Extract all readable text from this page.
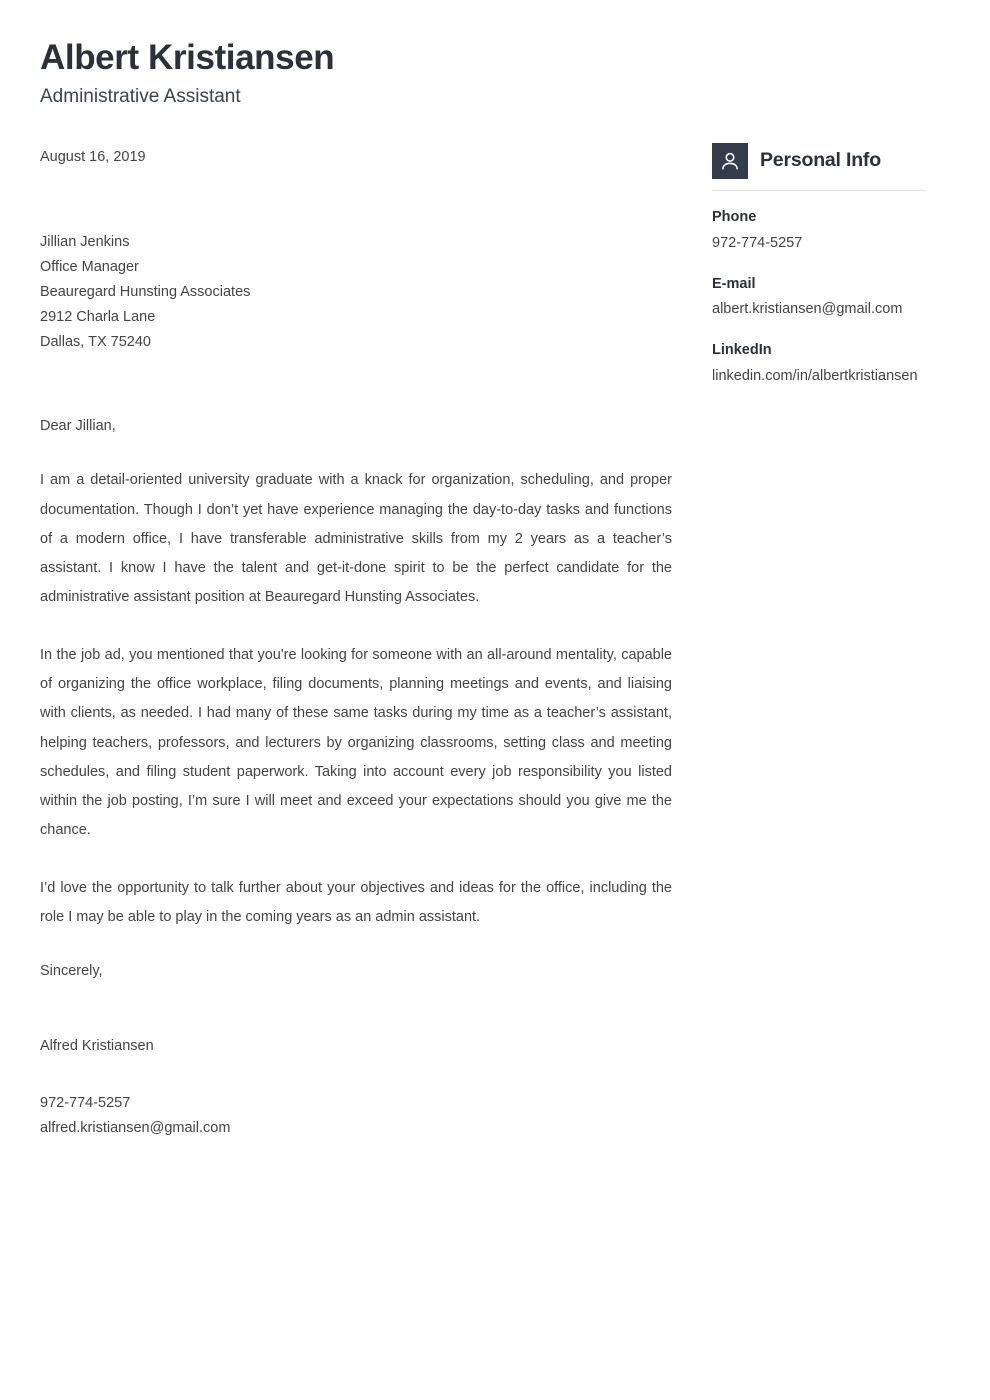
Albert Kristiansen
Administrative Assistant
August 16, 2019
Jillian Jenkins
Office Manager
Beauregard Hunsting Associates
2912 Charla Lane
Dallas, TX 75240
Dear Jillian,

I am a detail-oriented university graduate with a knack for organization, scheduling, and proper documentation. Though I don’t yet have experience managing the day-to-day tasks and functions of a modern office, I have transferable administrative skills from my 2 years as a teacher’s assistant. I know I have the talent and get-it-done spirit to be the perfect candidate for the administrative assistant position at Beauregard Hunsting Associates.

In the job ad, you mentioned that you're looking for someone with an all-around mentality, capable of organizing the office workplace, filing documents, planning meetings and events, and liaising with clients, as needed. I had many of these same tasks during my time as a teacher’s assistant, helping teachers, professors, and lecturers by organizing classrooms, setting class and meeting schedules, and filing student paperwork. Taking into account every job responsibility you listed within the job posting, I’m sure I will meet and exceed your expectations should you give me the chance.

I’d love the opportunity to talk further about your objectives and ideas for the office, including the role I may be able to play in the coming years as an admin assistant.

Sincerely,
Alfred Kristiansen
972-774-5257
alfred.kristiansen@gmail.com
Personal Info
Phone
972-774-5257
E-mail
albert.kristiansen@gmail.com
LinkedIn
linkedin.com/in/albertkristiansen
